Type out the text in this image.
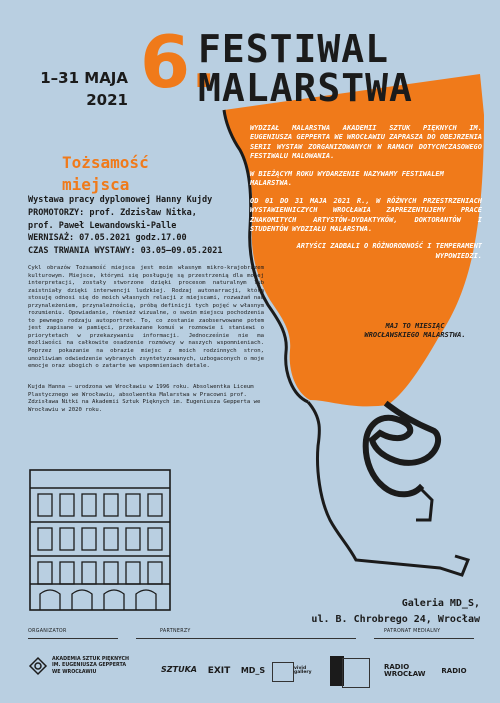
1–31 MAJA
2021 6.
FESTIWAL
MALARSTWA

WYDZIAŁ MALARSTWA AKADEMII SZTUK PIĘKNYCH IM. EUGENIUSZA GEPPERTA WE WROCŁAWIU ZAPRASZA DO OBEJRZENIA SERII WYSTAW ZORGANIZOWANYCH W RAMACH DOTYCHCZASOWEGO FESTIWALU MALOWANIA.

W BIEŻĄCYM ROKU WYDARZENIE NAZYWAMY FESTIWALEM MALARSTWA.

OD 01 DO 31 MAJA 2021 R., W RÓŻNYCH PRZESTRZENIACH WYSTAWIENNICZYCH WROCŁAWIA ZAPREZENTUJEMY PRACE ZNAKOMITYCH ARTYSTÓW-DYDAKTYKÓW, DOKTORANTÓW I STUDENTÓW WYDZIAŁU MALARSTWA.

ARTYŚCI ZADBALI O RÓŻNORODNOŚĆ I TEMPERAMENT WYPOWIEDZI.

MAJ TO MIESIĄC WROCŁAWSKIEGO MALARSTWA.
Tożsamość
miejsca
Wystawa pracy dyplomowej Hanny Kujdy
PROMOTORZY: prof. Zdzisław Nitka,
prof. Paweł Lewandowski-Palle
WERNISAŻ: 07.05.2021 godz.17.00
CZAS TRWANIA WYSTAWY: 03.05–09.05.2021
Cykl obrazów Tożsamość miejsca jest moim własnym mikro-krajobrazem kulturowym. Miejsce, którymi się posługuję są przestrzenią dla mojej interpretacji, zostały stworzone dzięki procesom naturalnym lub zaistniały dzięki interwencji ludzkiej. Rodzaj autonarracji, którą stosuję odnosi się do moich własnych relacji z miejscami, rozważań nad przynależeniem, przynależnością, próbą definicji tych pojęć w własnym rozumieniu. Opowiadanie, również wizualne, o swoim miejscu pochodzenia to pewnego rodzaju autoportret. To, co zostanie zaobserwowane potem jest zapisane w pamięci, przekazane komuś w rozmowie i staniewi o priorytetach w przekazywaniu informacji. Jednocześnie nie ma możliwości na całkowite osadzenie rozmówcy w naszych wspomnieniach. Poprzez pokazanie na obrazie miejsc z moich rodzinnych stron, umożliwiam odwiedzenie wybranych zsyntetyzowanych, uzbogaconych o moje emocje oraz ubogich o zatarte we wspomnieniach detale.
Kujda Hanna – urodzona we Wrocławiu w 1996 roku. Absolwentka Liceum Plastycznego we Wrocławiu, absolwentka Malarstwa w Pracowni prof. Zdzisława Nitki na Akademii Sztuk Pięknych im. Eugeniusza Gepperta we Wrocławiu w 2020 roku.
Galeria MD_S,
ul. B. Chrobrego 24, Wrocław
ORGANIZATOR	PARTNERZY	PATRONAT MEDIALNY
AKADEMIA SZTUK PIĘKNYCH
IM. EUGENIUSZA GEPPERTA
WE WROCŁAWIU	SZTUKA	EXIT	MD_S	vivid gallery
RADIO WROCŁAW	RADIO
